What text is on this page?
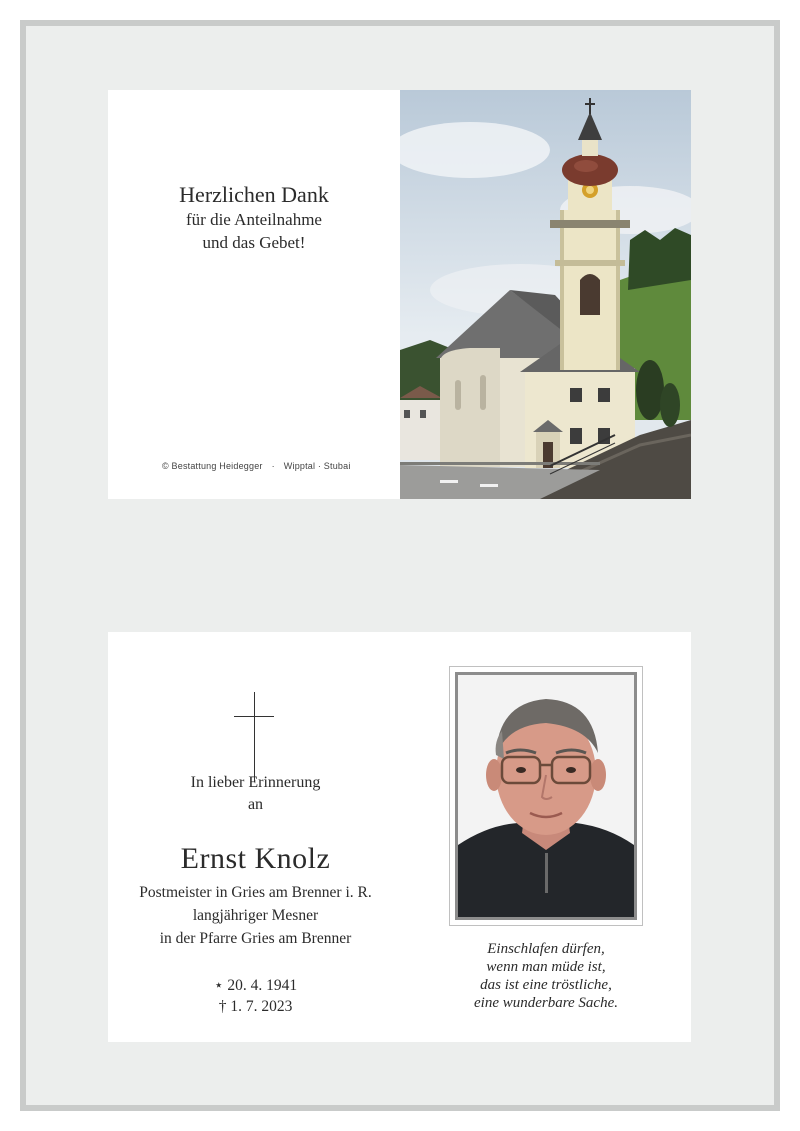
Herzlichen Dank
für die Anteilnahme
und das Gebet!
© Bestattung Heidegger · Wipptal · Stubai
In lieber Erinnerung
an
Ernst Knolz
Postmeister in Gries am Brenner i. R.
langjähriger Mesner
in der Pfarre Gries am Brenner
⋆ 20. 4. 1941
† 1. 7. 2023
Einschlafen dürfen,
wenn man müde ist,
das ist eine tröstliche,
eine wunderbare Sache.
